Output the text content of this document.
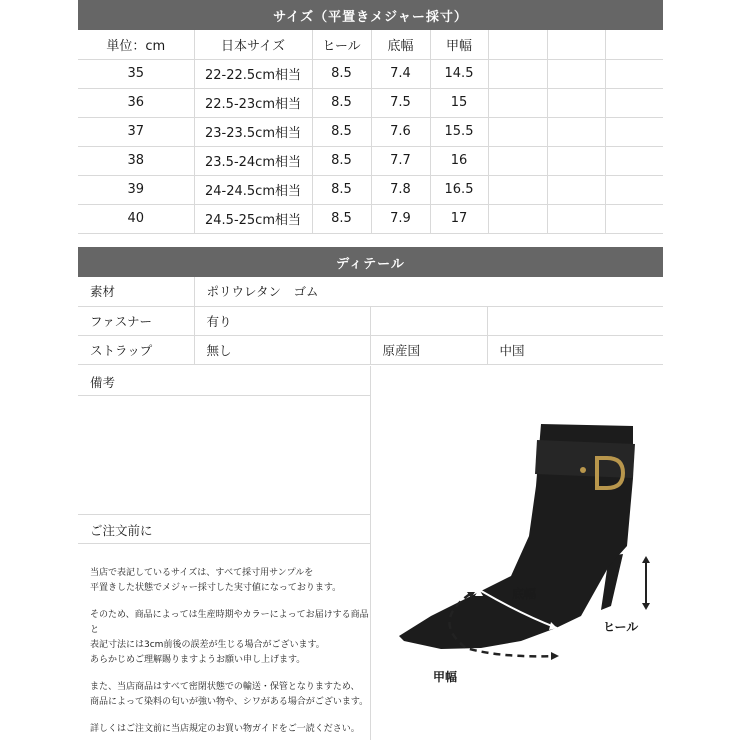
サイズ（平置きメジャー採寸）
単位：cm	日本サイズ	ヒール	底幅	甲幅			
35	22-22.5cm相当	8.5	7.4	14.5			
36	22.5-23cm相当	8.5	7.5	15			
37	23-23.5cm相当	8.5	7.6	15.5			
38	23.5-24cm相当	8.5	7.7	16			
39	24-24.5cm相当	8.5	7.8	16.5			
40	24.5-25cm相当	8.5	7.9	17			
ディテール
素材	ポリウレタン　ゴム		
ファスナー	有り		
ストラップ	無し	原産国	中国
備考
ご注文前に

当店で表記しているサイズは、すべて採寸用サンプルを
平置きした状態でメジャー採寸した実寸値になっております。

そのため、商品によっては生産時期やカラーによってお届けする商品と
表記寸法には3cm前後の誤差が生じる場合がございます。
あらかじめご理解賜りますようお願い申し上げます。

また、当店商品はすべて密閉状態での輸送・保管となりますため、
商品によって染料の匂いが強い物や、シワがある場合がございます。

詳しくはご注文前に当店規定のお買い物ガイドをご一読ください。

底幅
ヒール
甲幅
